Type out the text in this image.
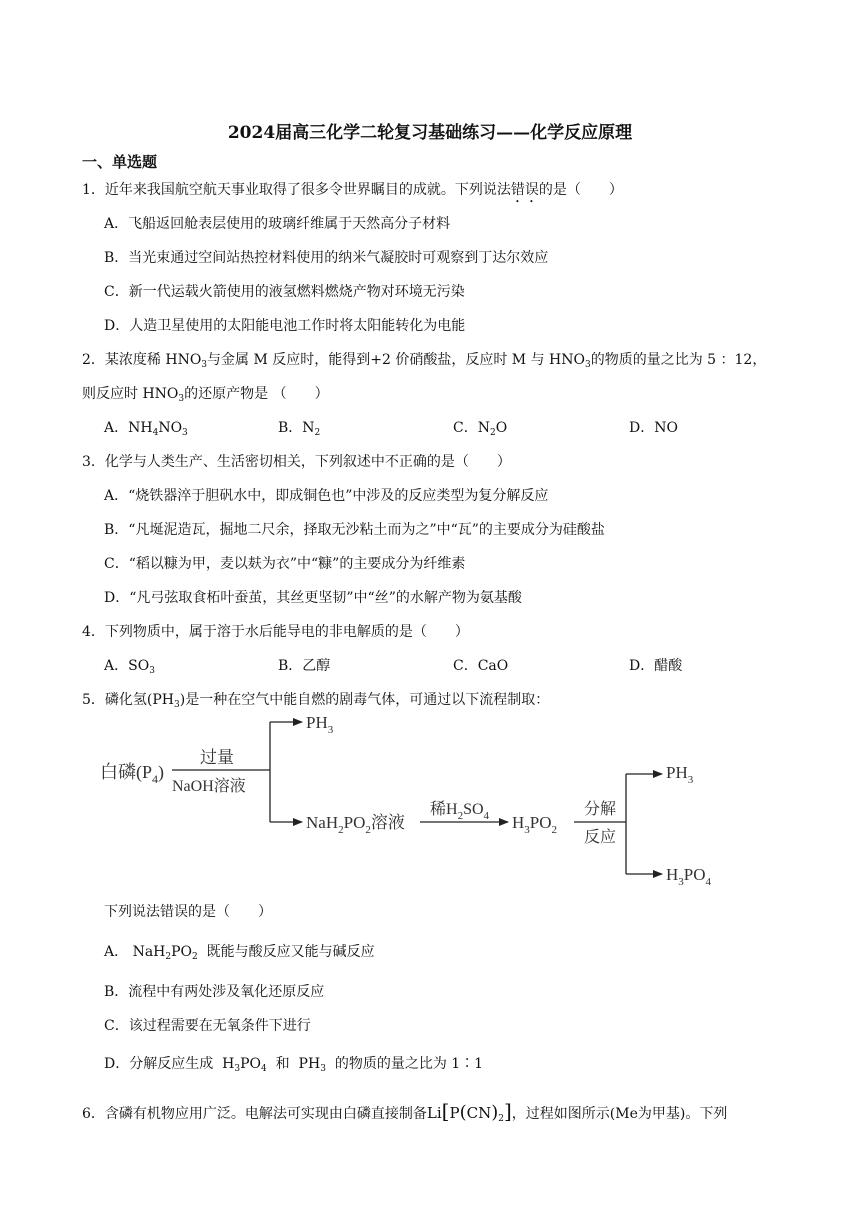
2024届高三化学二轮复习基础练习——化学反应原理
一、单选题
1．近年来我国航空航天事业取得了很多令世界瞩目的成就。下列说法错误的是（　　）
A．飞船返回舱表层使用的玻璃纤维属于天然高分子材料
B．当光束通过空间站热控材料使用的纳米气凝胶时可观察到丁达尔效应
C．新一代运载火箭使用的液氢燃料燃烧产物对环境无污染
D．人造卫星使用的太阳能电池工作时将太阳能转化为电能
2．某浓度稀 $HNO_3$与金属 M 反应时，能得到+2 价硝酸盐，反应时 M 与 $HNO_3$的物质的量之比为 5 ：12，
则反应时 $HNO_3$的还原产物是 （　　）
A．$NH_4NO_3$	B．$N_2$	C．$N_2O$	D．NO
3．化学与人类生产、生活密切相关，下列叙述中不正确的是（　　）
A．“烧铁器淬于胆矾水中，即成铜色也”中涉及的反应类型为复分解反应
B．“凡埏泥造瓦，掘地二尺余，择取无沙粘土而为之”中“瓦”的主要成分为硅酸盐
C．“稻以糠为甲，麦以麸为衣”中“糠”的主要成分为纤维素
D．“凡弓弦取食柘叶蚕茧，其丝更坚韧”中“丝”的水解产物为氨基酸
4．下列物质中，属于溶于水后能导电的非电解质的是（　　）
A．$SO_3$	B．乙醇	C．CaO	D．醋酸
5．磷化氢$(PH_3)$是一种在空气中能自燃的剧毒气体，可通过以下流程制取：
白磷$(P_4)$
过量
NaOH溶液
$PH_3$
$NaH_2PO_2$溶液
稀$H_2SO_4$ $H_3PO_2$
分解
反应
$PH_3$
$H_3PO_4$
下列说法错误的是（　　）
A． $NaH_2PO_2$ 既能与酸反应又能与碱反应
B．流程中有两处涉及氧化还原反应
C．该过程需要在无氧条件下进行
D．分解反应生成 $H_3PO_4$ 和 $PH_3$ 的物质的量之比为 1∶1
6．含磷有机物应用广泛。电解法可实现由白磷直接制备$Li[P(CN)_2]$，过程如图所示(Me为甲基)。下列
